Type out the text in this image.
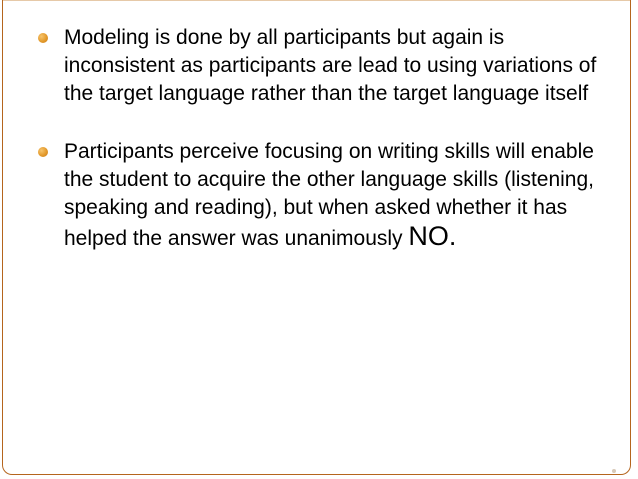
Modeling is done by all participants but again is inconsistent as participants are lead to using variations of the target language rather than the target language itself
Participants perceive focusing on writing skills will enable the student to acquire the other language skills (listening, speaking and reading), but when asked whether it has helped the answer was unanimously NO.
